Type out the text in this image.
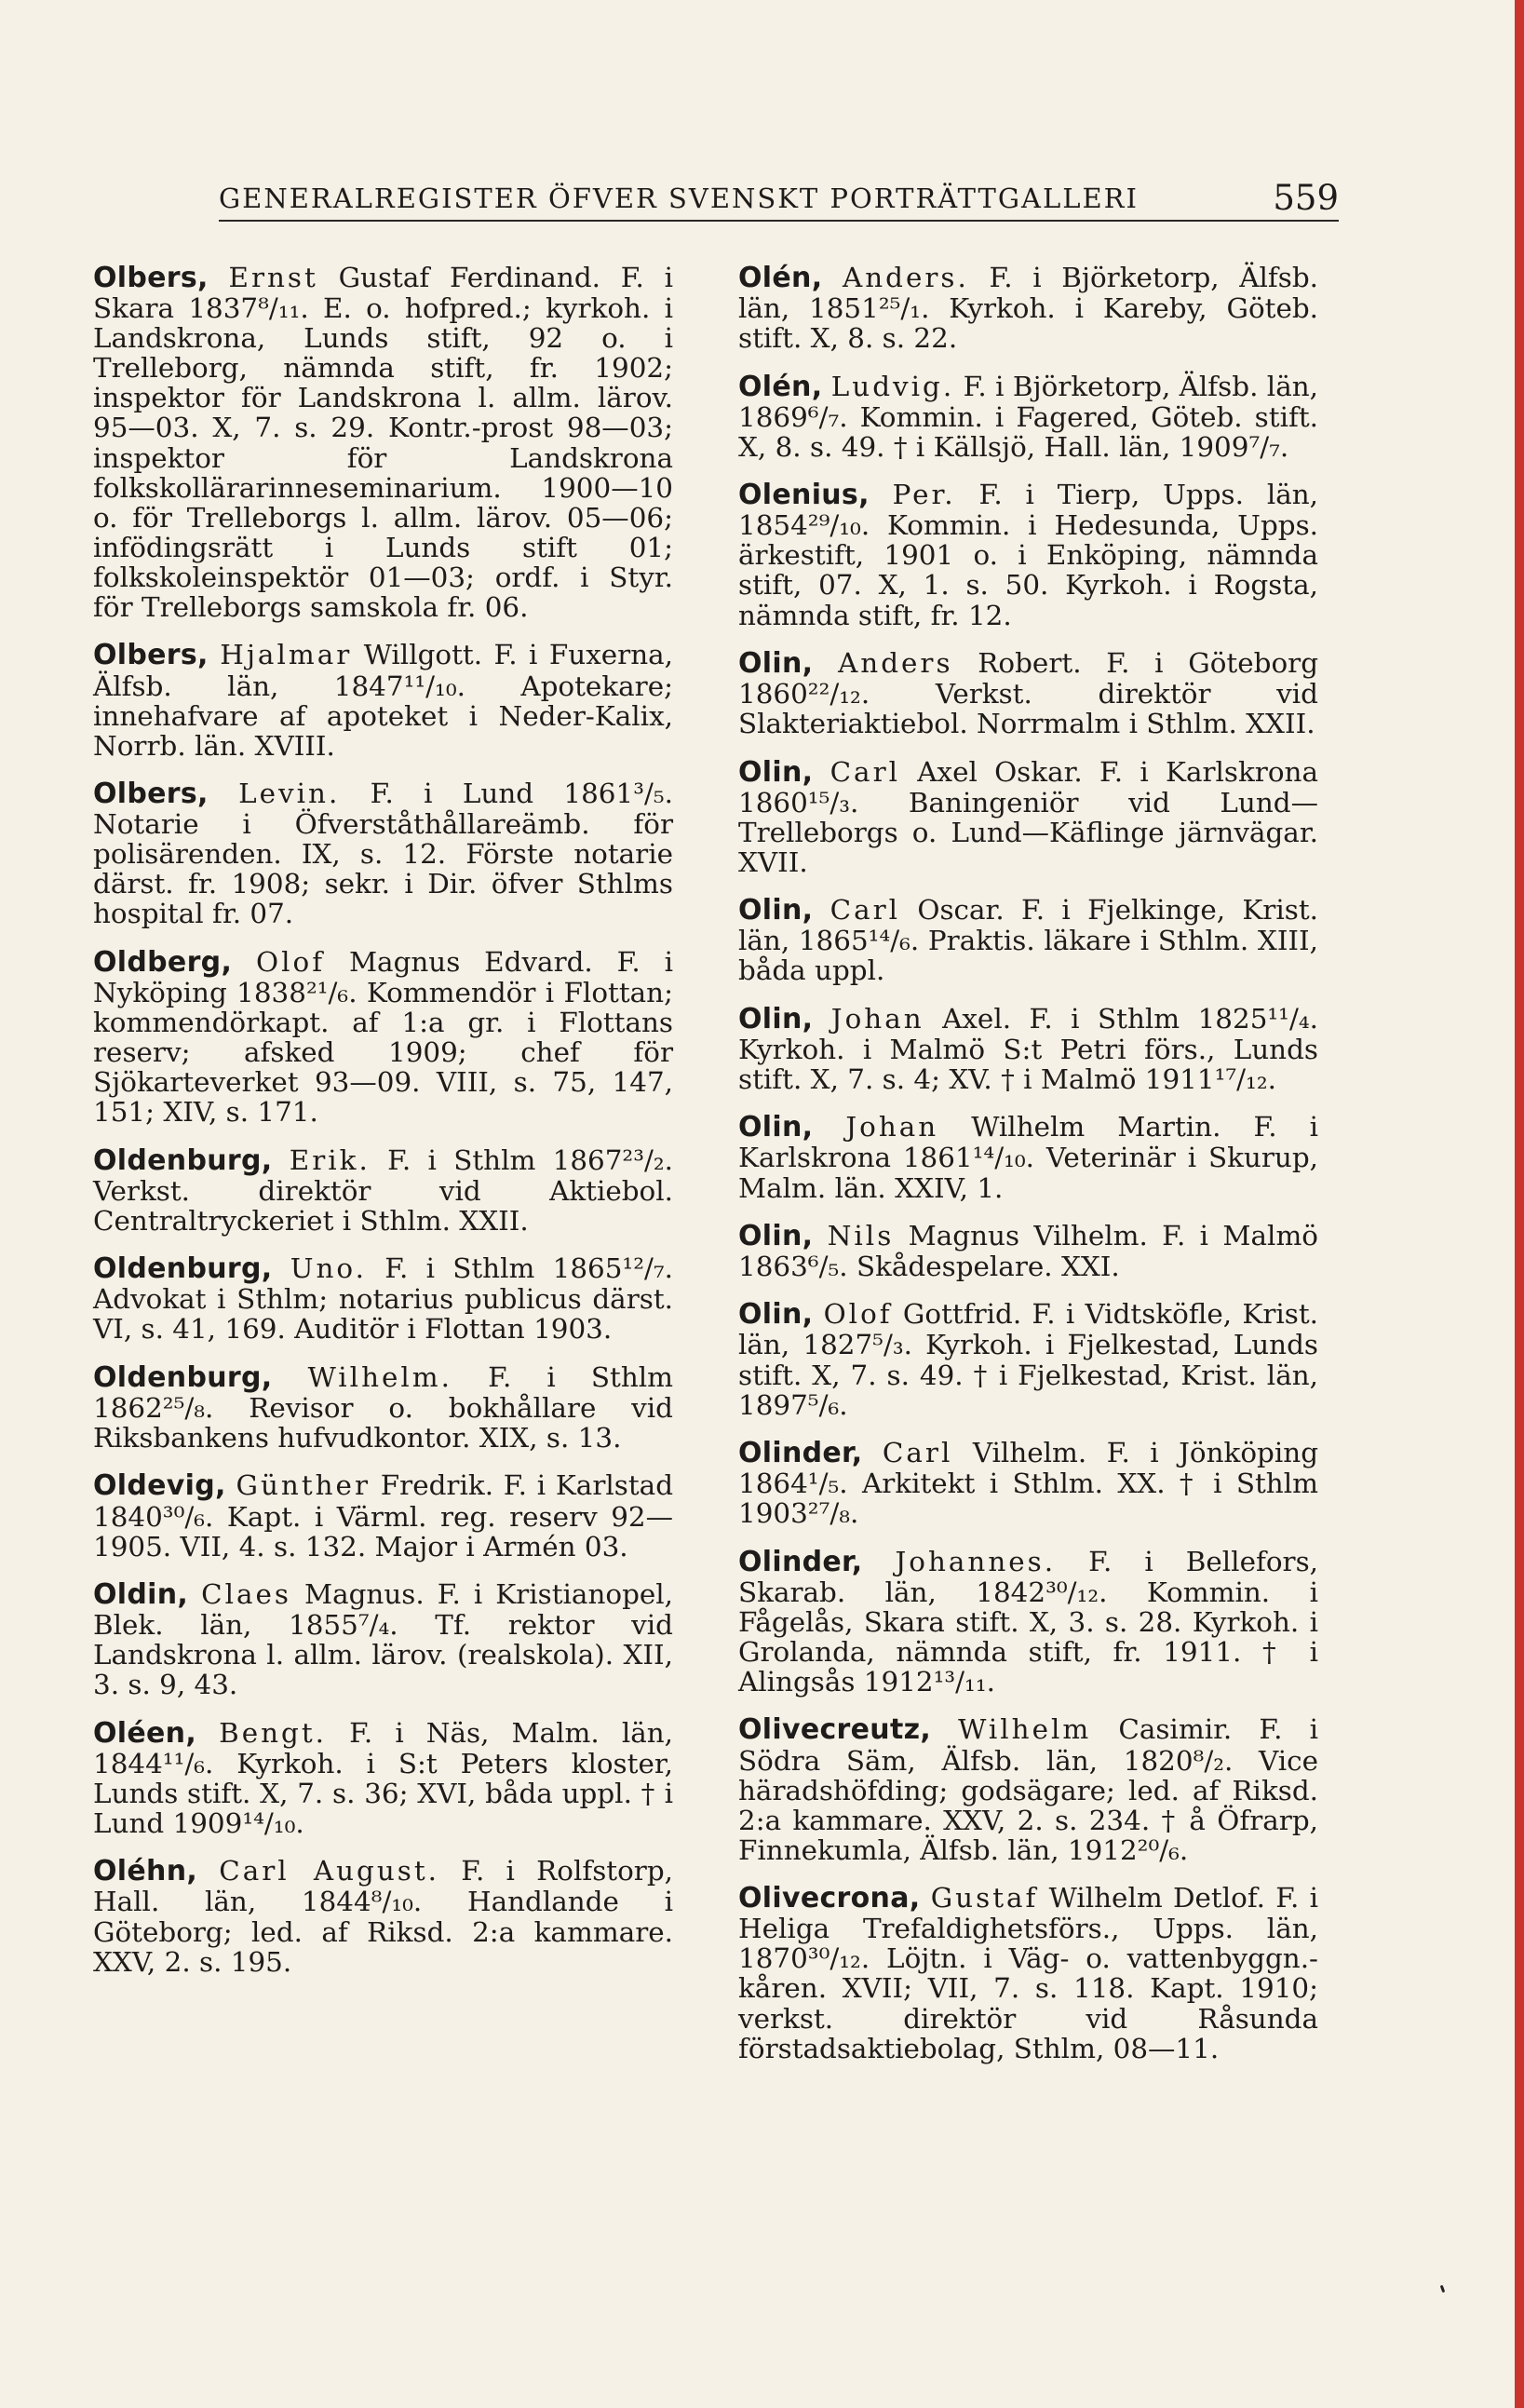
GENERALREGISTER ÖFVER SVENSKT PORTRÄTTGALLERI	559

Olbers, Ernst Gustaf Ferdinand. F. i Skara 1837⁸/₁₁. E. o. hofpred.; kyrkoh. i Landskrona, Lunds stift, 92 o. i Trelleborg, nämnda stift, fr. 1902; inspektor för Landskrona l. allm. lärov. 95—03. X, 7. s. 29. Kontr.-prost 98—03; inspektor för Landskrona folkskollärarinneseminarium. 1900—10 o. för Trelleborgs l. allm. lärov. 05—06; infödingsrätt i Lunds stift 01; folkskoleinspektör 01—03; ordf. i Styr. för Trelleborgs samskola fr. 06.

Olbers, Hjalmar Willgott. F. i Fuxerna, Älfsb. län, 1847¹¹/₁₀. Apotekare; innehafvare af apoteket i Neder-Kalix, Norrb. län. XVIII.

Olbers, Levin. F. i Lund 1861³/₅. Notarie i Öfverståthållareämb. för polisärenden. IX, s. 12. Förste notarie därst. fr. 1908; sekr. i Dir. öfver Sthlms hospital fr. 07.

Oldberg, Olof Magnus Edvard. F. i Nyköping 1838²¹/₆. Kommendör i Flottan; kommendörkapt. af 1:a gr. i Flottans reserv; afsked 1909; chef för Sjökarteverket 93—09. VIII, s. 75, 147, 151; XIV, s. 171.

Oldenburg, Erik. F. i Sthlm 1867²³/₂. Verkst. direktör vid Aktiebol. Centraltryckeriet i Sthlm. XXII.

Oldenburg, Uno. F. i Sthlm 1865¹²/₇. Advokat i Sthlm; notarius publicus därst. VI, s. 41, 169. Auditör i Flottan 1903.

Oldenburg, Wilhelm. F. i Sthlm 1862²⁵/₈. Revisor o. bokhållare vid Riksbankens hufvudkontor. XIX, s. 13.

Oldevig, Günther Fredrik. F. i Karlstad 1840³⁰/₆. Kapt. i Värml. reg. reserv 92—1905. VII, 4. s. 132. Major i Armén 03.

Oldin, Claes Magnus. F. i Kristianopel, Blek. län, 1855⁷/₄. Tf. rektor vid Landskrona l. allm. lärov. (realskola). XII, 3. s. 9, 43.

Oléen, Bengt. F. i Näs, Malm. län, 1844¹¹/₆. Kyrkoh. i S:t Peters kloster, Lunds stift. X, 7. s. 36; XVI, båda uppl. † i Lund 1909¹⁴/₁₀.

Oléhn, Carl August. F. i Rolfstorp, Hall. län, 1844⁸/₁₀. Handlande i Göteborg; led. af Riksd. 2:a kammare. XXV, 2. s. 195.

Olén, Anders. F. i Björketorp, Älfsb. län, 1851²⁵/₁. Kyrkoh. i Kareby, Göteb. stift. X, 8. s. 22.

Olén, Ludvig. F. i Björketorp, Älfsb. län, 1869⁶/₇. Kommin. i Fagered, Göteb. stift. X, 8. s. 49. † i Källsjö, Hall. län, 1909⁷/₇.

Olenius, Per. F. i Tierp, Upps. län, 1854²⁹/₁₀. Kommin. i Hedesunda, Upps. ärkestift, 1901 o. i Enköping, nämnda stift, 07. X, 1. s. 50. Kyrkoh. i Rogsta, nämnda stift, fr. 12.

Olin, Anders Robert. F. i Göteborg 1860²²/₁₂. Verkst. direktör vid Slakteriaktiebol. Norrmalm i Sthlm. XXII.

Olin, Carl Axel Oskar. F. i Karlskrona 1860¹⁵/₃. Baningeniör vid Lund—Trelleborgs o. Lund—Käflinge järnvägar. XVII.

Olin, Carl Oscar. F. i Fjelkinge, Krist. län, 1865¹⁴/₆. Praktis. läkare i Sthlm. XIII, båda uppl.

Olin, Johan Axel. F. i Sthlm 1825¹¹/₄. Kyrkoh. i Malmö S:t Petri förs., Lunds stift. X, 7. s. 4; XV. † i Malmö 1911¹⁷/₁₂.

Olin, Johan Wilhelm Martin. F. i Karlskrona 1861¹⁴/₁₀. Veterinär i Skurup, Malm. län. XXIV, 1.

Olin, Nils Magnus Vilhelm. F. i Malmö 1863⁶/₅. Skådespelare. XXI.

Olin, Olof Gottfrid. F. i Vidtsköfle, Krist. län, 1827⁵/₃. Kyrkoh. i Fjelkestad, Lunds stift. X, 7. s. 49. † i Fjelkestad, Krist. län, 1897⁵/₆.

Olinder, Carl Vilhelm. F. i Jönköping 1864¹/₅. Arkitekt i Sthlm. XX. † i Sthlm 1903²⁷/₈.

Olinder, Johannes. F. i Bellefors, Skarab. län, 1842³⁰/₁₂. Kommin. i Fågelås, Skara stift. X, 3. s. 28. Kyrkoh. i Grolanda, nämnda stift, fr. 1911. † i Alingsås 1912¹³/₁₁.

Olivecreutz, Wilhelm Casimir. F. i Södra Säm, Älfsb. län, 1820⁸/₂. Vice häradshöfding; godsägare; led. af Riksd. 2:a kammare. XXV, 2. s. 234. † å Öfrarp, Finnekumla, Älfsb. län, 1912²⁰/₆.

Olivecrona, Gustaf Wilhelm Detlof. F. i Heliga Trefaldighetsförs., Upps. län, 1870³⁰/₁₂. Löjtn. i Väg- o. vattenbyggn.-kåren. XVII; VII, 7. s. 118. Kapt. 1910; verkst. direktör vid Råsunda förstadsaktiebolag, Sthlm, 08—11.
